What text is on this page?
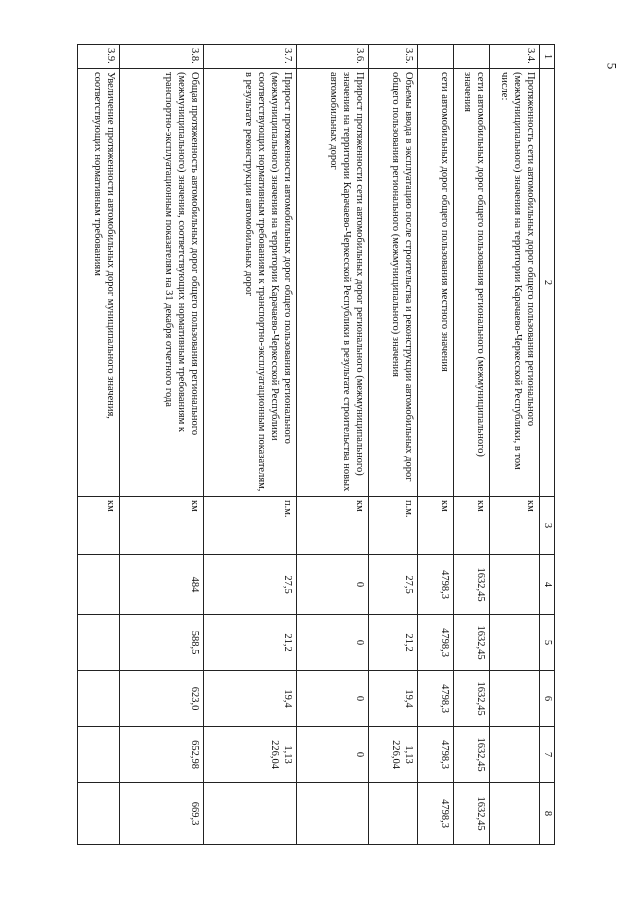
5
1	2	3	4	5	6	7	8
3.4.	Протяженность сети автомобильных дорог общего пользования регионального (межмуниципального) значения на территории Карачаево-Черкесской Республики, в том числе:	км					
	сети автомобильных дорог общего пользования регионального (межмуниципального) значения	км	1632,45	1632,45	1632,45	1632,45	1632,45
	сети автомобильных дорог общего пользования местного значения	км	4798,3	4798,3	4798,3	4798,3	4798,3
3.5.	Объемы ввода в эксплуатацию после строительства и реконструкции автомобильных дорог общего пользования регионального (межмуниципального) значения	п.м.	27,5	21,2	19,4	1,13 226,04	
3.6.	Прирост протяженности сети автомобильных дорог регионального (межмуниципального) значения на территории Карачаево-Черкесской Республики в результате строительства новых автомобильных дорог	км	0	0	0	0	
3.7.	Прирост протяженности автомобильных дорог общего пользования регионального (межмуниципального) значения на территории Карачаево-Черкесской Республики соответствующих нормативным требованиям к транспортно-эксплуатационным показателям, в результате реконструкции автомобильных дорог	п.м.	27,5	21,2	19,4	1,13 226,04	
3.8.	Общая протяженность автомобильных дорог общего пользования регионального (межмуниципального) значения, соответствующих нормативным требованиям к транспортно-эксплуатационным показателям на 31 декабря отчетного года	км	484	588,5	623,0	652,98	669,3
3.9.	Увеличение протяженности автомобильных дорог муниципального значения, соответствующих нормативным требованиям	км					
